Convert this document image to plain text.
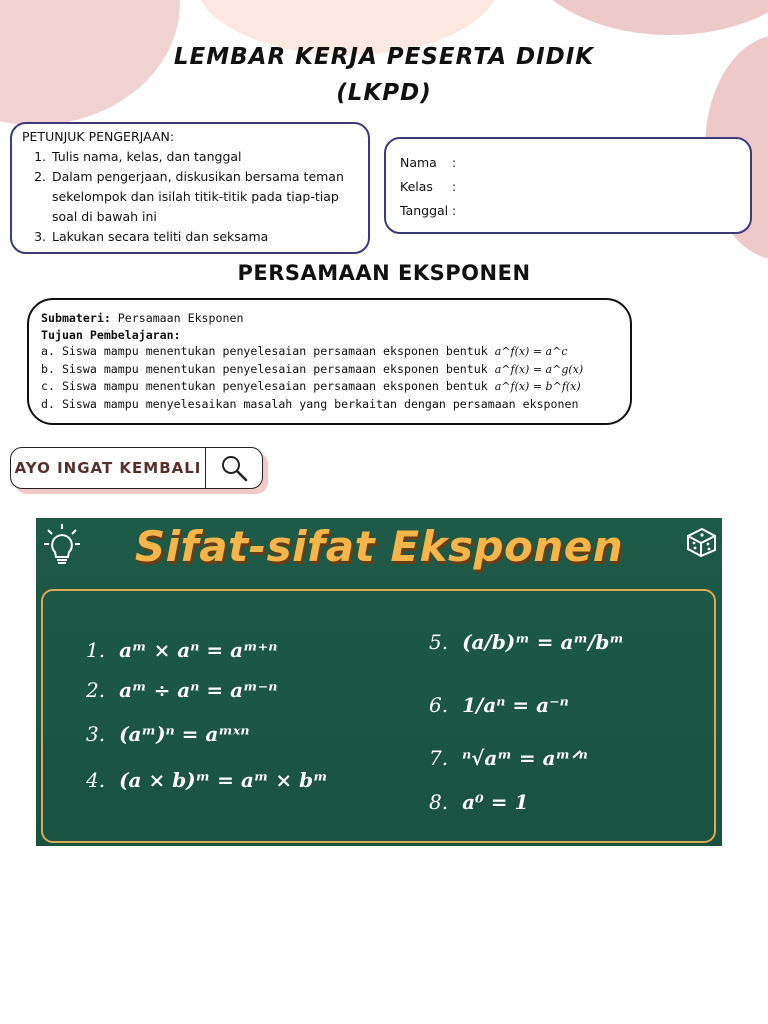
LEMBAR KERJA PESERTA DIDIK
(LKPD)
PETUNJUK PENGERJAAN:
1. Tulis nama, kelas, dan tanggal
2. Dalam pengerjaan, diskusikan bersama teman sekelompok dan isilah titik-titik pada tiap-tiap soal di bawah ini
3. Lakukan secara teliti dan seksama
Nama	:
Kelas	:
Tanggal :
PERSAMAAN EKSPONEN
Submateri: Persamaan Eksponen
Tujuan Pembelajaran:
a. Siswa mampu menentukan penyelesaian persamaan eksponen bentuk a^f(x) = a^c
b. Siswa mampu menentukan penyelesaian persamaan eksponen bentuk a^f(x) = a^g(x)
c. Siswa mampu menentukan penyelesaian persamaan eksponen bentuk a^f(x) = b^f(x)
d. Siswa mampu menyelesaikan masalah yang berkaitan dengan persamaan eksponen
AYO INGAT KEMBALI
Sifat-sifat Eksponen
1. aᵐ × aⁿ = aᵐ⁺ⁿ
2. aᵐ ÷ aⁿ = aᵐ⁻ⁿ
3. (aᵐ)ⁿ = aᵐˣⁿ
4. (a × b)ᵐ = aᵐ × bᵐ
5. (a/b)ᵐ = aᵐ/bᵐ
6. 1/aⁿ = a⁻ⁿ
7. ⁿ√aᵐ = aᵐᐟⁿ
8. a⁰ = 1
